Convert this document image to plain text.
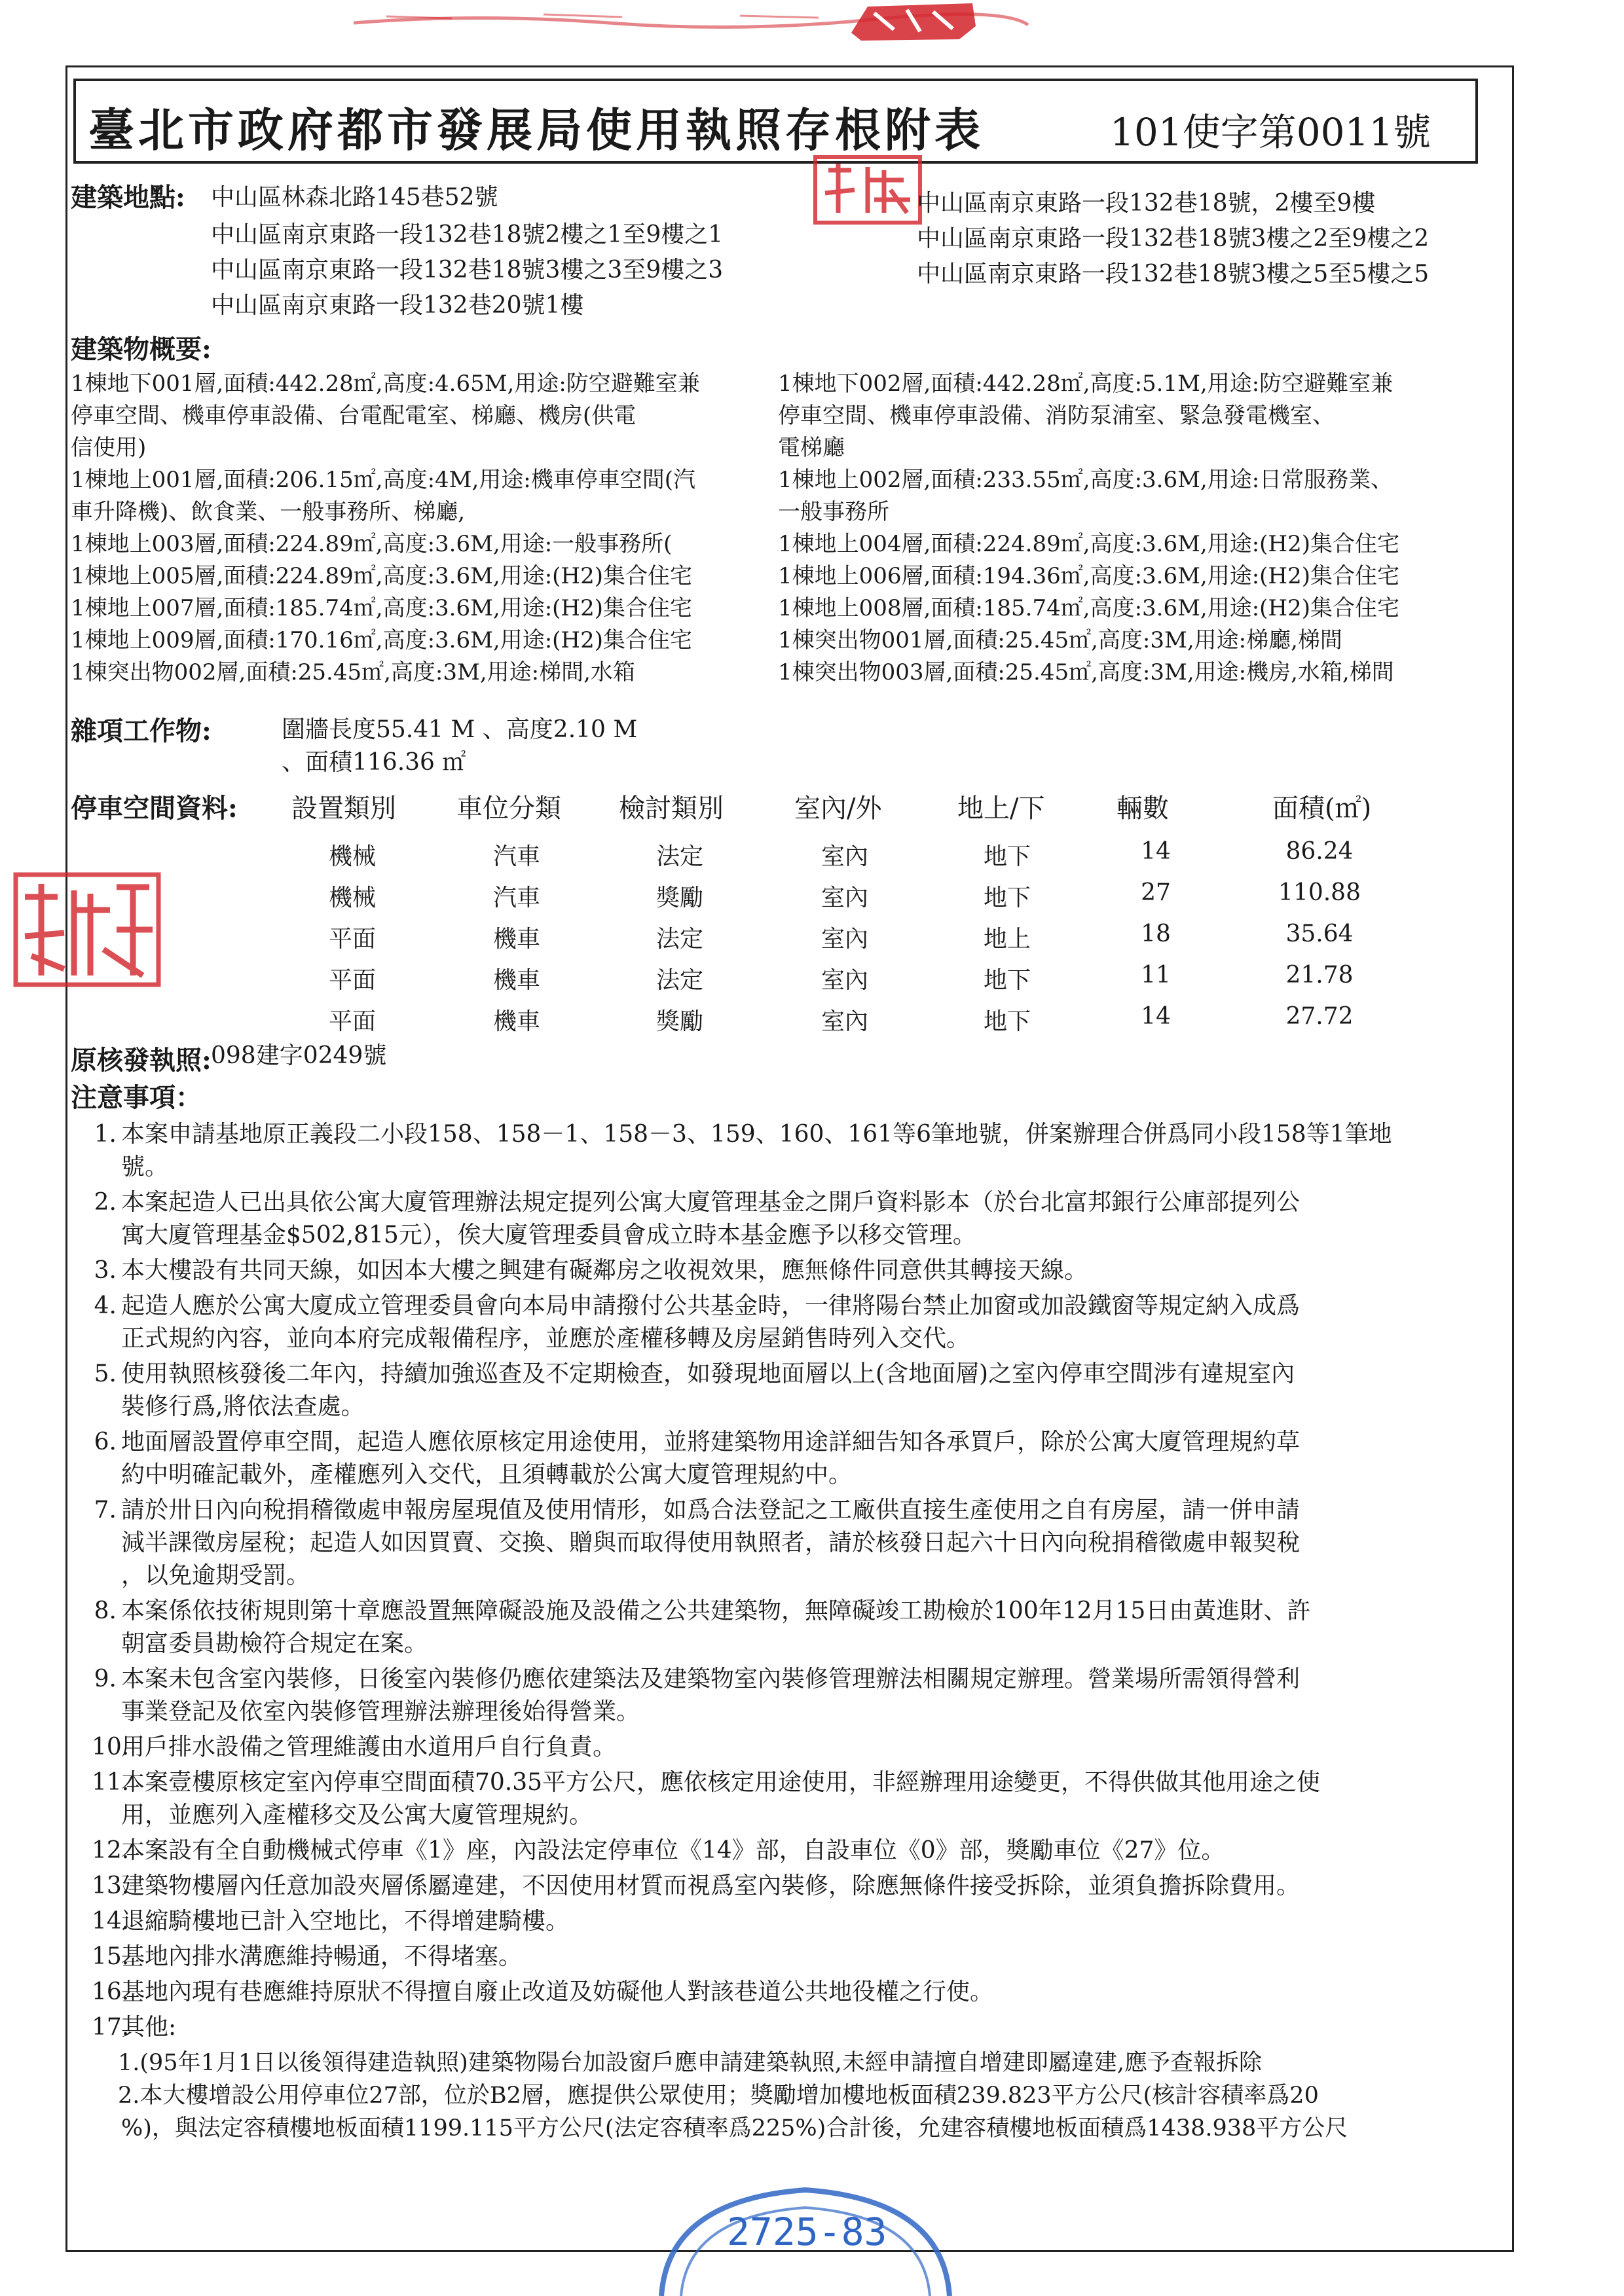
臺北市政府都市發展局使用執照存根附表	101使字第0011號
建築地點: 中山區林森北路145巷52號
中山區南京東路一段132巷18號2樓之1至9樓之1
中山區南京東路一段132巷18號3樓之3至9樓之3
中山區南京東路一段132巷20號1樓
中山區南京東路一段132巷18號，2樓至9樓
中山區南京東路一段132巷18號3樓之2至9樓之2
中山區南京東路一段132巷18號3樓之5至5樓之5
建築物概要:
1棟地下001層,面積:442.28㎡,高度:4.65M,用途:防空避難室兼
停車空間、機車停車設備、台電配電室、梯廳、機房(供電
信使用)
1棟地上001層,面積:206.15㎡,高度:4M,用途:機車停車空間(汽
車升降機)、飲食業、一般事務所、梯廳,
1棟地上003層,面積:224.89㎡,高度:3.6M,用途:一般事務所(
1棟地上005層,面積:224.89㎡,高度:3.6M,用途:(H2)集合住宅
1棟地上007層,面積:185.74㎡,高度:3.6M,用途:(H2)集合住宅
1棟地上009層,面積:170.16㎡,高度:3.6M,用途:(H2)集合住宅
1棟突出物002層,面積:25.45㎡,高度:3M,用途:梯間,水箱
1棟地下002層,面積:442.28㎡,高度:5.1M,用途:防空避難室兼
停車空間、機車停車設備、消防泵浦室、緊急發電機室、
電梯廳
1棟地上002層,面積:233.55㎡,高度:3.6M,用途:日常服務業、
一般事務所
1棟地上004層,面積:224.89㎡,高度:3.6M,用途:(H2)集合住宅
1棟地上006層,面積:194.36㎡,高度:3.6M,用途:(H2)集合住宅
1棟地上008層,面積:185.74㎡,高度:3.6M,用途:(H2)集合住宅
1棟突出物001層,面積:25.45㎡,高度:3M,用途:梯廳,梯間
1棟突出物003層,面積:25.45㎡,高度:3M,用途:機房,水箱,梯間
雜項工作物:	圍牆長度55.41 M 、高度2.10 M
、面積116.36 ㎡
停車空間資料: 設置類別 車位分類 檢討類別	室內/外	地上/下	輛數	面積(㎡)
機械	汽車	法定	室內	地下	14	86.24
機械	汽車	獎勵	室內	地下	27	110.88
平面	機車	法定	室內	地上	18	35.64
平面	機車	法定	室內	地下	11	21.78
平面	機車	獎勵	室內	地下	14	27.72
原核發執照: 098建字0249號
注意事項：
1. 本案申請基地原正義段二小段158、158－1、158－3、159、160、161等6筆地號，併案辦理合併爲同小段158等1筆地
號。
2. 本案起造人已出具依公寓大廈管理辦法規定提列公寓大廈管理基金之開戶資料影本（於台北富邦銀行公庫部提列公
寓大廈管理基金$502,815元），俟大廈管理委員會成立時本基金應予以移交管理。
3. 本大樓設有共同天線，如因本大樓之興建有礙鄰房之收視效果，應無條件同意供其轉接天線。
4. 起造人應於公寓大廈成立管理委員會向本局申請撥付公共基金時，一律將陽台禁止加窗或加設鐵窗等規定納入成爲
正式規約內容，並向本府完成報備程序，並應於產權移轉及房屋銷售時列入交代。
5. 使用執照核發後二年內，持續加強巡查及不定期檢查，如發現地面層以上(含地面層)之室內停車空間涉有違規室內
裝修行爲,將依法查處。
6. 地面層設置停車空間，起造人應依原核定用途使用，並將建築物用途詳細告知各承買戶，除於公寓大廈管理規約草
約中明確記載外，產權應列入交代，且須轉載於公寓大廈管理規約中。
7. 請於卅日內向稅捐稽徵處申報房屋現值及使用情形，如爲合法登記之工廠供直接生產使用之自有房屋，請一併申請
減半課徵房屋稅；起造人如因買賣、交換、贈與而取得使用執照者，請於核發日起六十日內向稅捐稽徵處申報契稅
，以免逾期受罰。
8. 本案係依技術規則第十章應設置無障礙設施及設備之公共建築物，無障礙竣工勘檢於100年12月15日由黃進財、許
朝富委員勘檢符合規定在案。
9. 本案未包含室內裝修，日後室內裝修仍應依建築法及建築物室內裝修管理辦法相關規定辦理。營業場所需領得營利
事業登記及依室內裝修管理辦法辦理後始得營業。
10.
用戶排水設備之管理維護由水道用戶自行負責。
11.
本案壹樓原核定室內停車空間面積70.35平方公尺，應依核定用途使用，非經辦理用途變更，不得供做其他用途之使
用，並應列入產權移交及公寓大廈管理規約。
12.
本案設有全自動機械式停車《1》座，內設法定停車位《14》部，自設車位《0》部，獎勵車位《27》位。
13.
建築物樓層內任意加設夾層係屬違建，不因使用材質而視爲室內裝修，除應無條件接受拆除，並須負擔拆除費用。
14.
退縮騎樓地已計入空地比，不得增建騎樓。
15.
基地內排水溝應維持暢通，不得堵塞。
16.
基地內現有巷應維持原狀不得擅自廢止改道及妨礙他人對該巷道公共地役權之行使。
17.
其他:
1.(95年1月1日以後領得建造執照)建築物陽台加設窗戶應申請建築執照,未經申請擅自增建即屬違建,應予查報拆除
2.本大樓增設公用停車位27部，位於B2層，應提供公眾使用；獎勵增加樓地板面積239.823平方公尺(核計容積率爲20
%)，與法定容積樓地板面積1199.115平方公尺(法定容積率爲225%)合計後，允建容積樓地板面積爲1438.938平方公尺
2725-83
